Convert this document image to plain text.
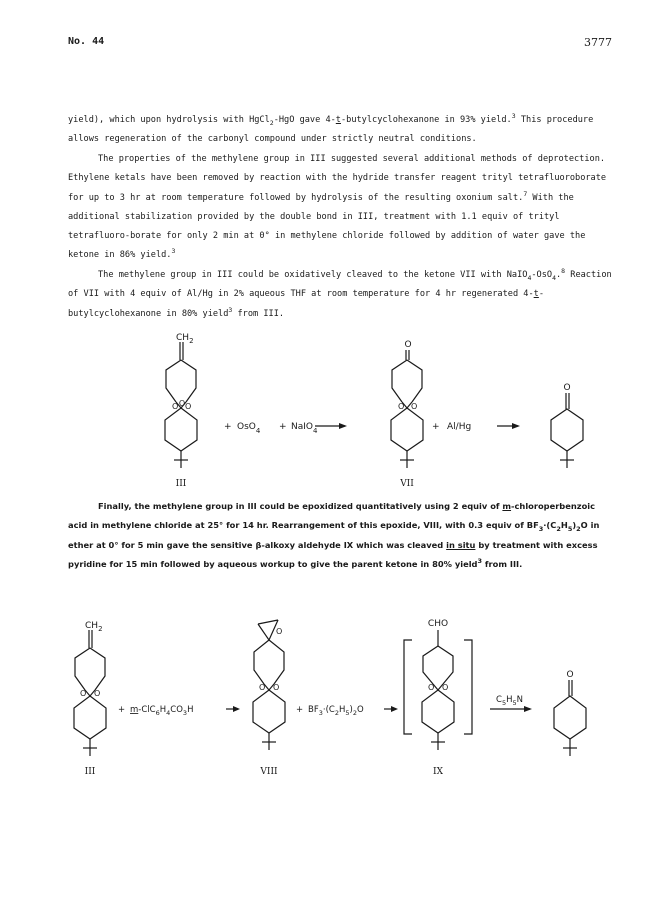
No. 44	3777

yield), which upon hydrolysis with HgCl$_2$-HgO gave 4-t-butylcyclohexanone in 93% yield.$^3$ This procedure allows regeneration of the carbonyl compound under strictly neutral conditions.

The properties of the methylene group in III suggested several additional methods of deprotection. Ethylene ketals have been removed by reaction with the hydride transfer reagent trityl tetrafluoroborate for up to 3 hr at room temperature followed by hydrolysis of the resulting oxonium salt.$^7$ With the additional stabilization provided by the double bond in III, treatment with 1.1 equiv of trityl tetrafluoro-borate for only 2 min at 0° in methylene chloride followed by addition of water gave the ketone in 86% yield.$^3$

The methylene group in III could be oxidatively cleaved to the ketone VII with NaIO$_4$-OsO$_4$.$^8$ Reaction of VII with 4 equiv of Al/Hg in 2% aqueous THF at room temperature for 4 hr regenerated 4-t-butylcyclohexanone in 80% yield$^3$ from III.

$CH_2$
O O
O
O
O
O
O
+ OsO$_4$ + NaIO$_4$	+ Al/Hg
III	VII

Finally, the methylene group in III could be epoxidized quantitatively using 2 equiv of m-chloroperbenzoic acid in methylene chloride at 25° for 14 hr. Rearrangement of this epoxide, VIII, with 0.3 equiv of $BF_3\cdot(C_2H_5)_2O$ in ether at 0° for 5 min gave the sensitive β-alkoxy aldehyde IX which was cleaved in situ by treatment with excess pyridine for 15 min followed by aqueous workup to give the parent ketone in 80% yield$^3$ from III.

$CH_2$
O
O
O
O
O
CHO
O
O
O
+ $m-ClC_6H_4CO_3H$	+ $BF_3\cdot(C_2H_5)_2O$
$C_5H_5N$
III	VIII	IX
